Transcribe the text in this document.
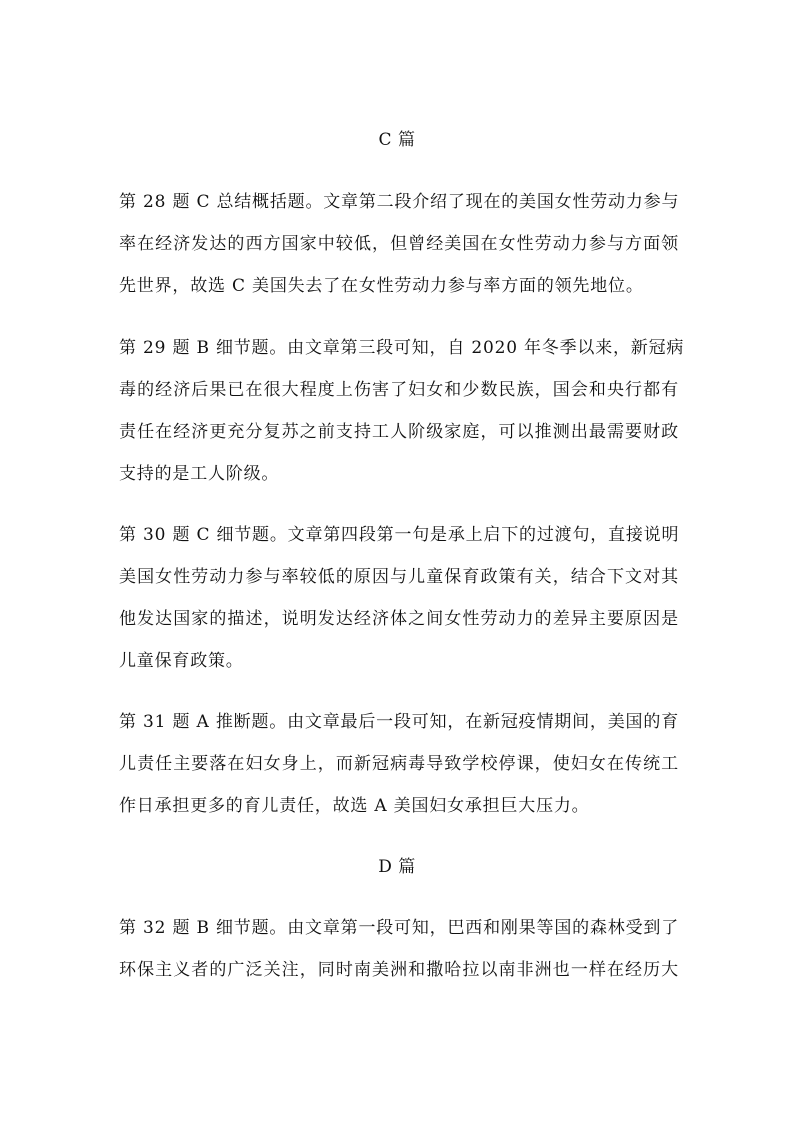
C 篇
第 28 题 C 总结概括题。文章第二段介绍了现在的美国女性劳动力参与
率在经济发达的西方国家中较低，但曾经美国在女性劳动力参与方面领
先世界，故选 C 美国失去了在女性劳动力参与率方面的领先地位。
第 29 题 B 细节题。由文章第三段可知，自 2020 年冬季以来，新冠病
毒的经济后果已在很大程度上伤害了妇女和少数民族，国会和央行都有
责任在经济更充分复苏之前支持工人阶级家庭，可以推测出最需要财政
支持的是工人阶级。
第 30 题 C 细节题。文章第四段第一句是承上启下的过渡句，直接说明
美国女性劳动力参与率较低的原因与儿童保育政策有关，结合下文对其
他发达国家的描述，说明发达经济体之间女性劳动力的差异主要原因是
儿童保育政策。
第 31 题 A 推断题。由文章最后一段可知，在新冠疫情期间，美国的育
儿责任主要落在妇女身上，而新冠病毒导致学校停课，使妇女在传统工
作日承担更多的育儿责任，故选 A 美国妇女承担巨大压力。
D 篇
第 32 题 B 细节题。由文章第一段可知，巴西和刚果等国的森林受到了
环保主义者的广泛关注，同时南美洲和撒哈拉以南非洲也一样在经历大
